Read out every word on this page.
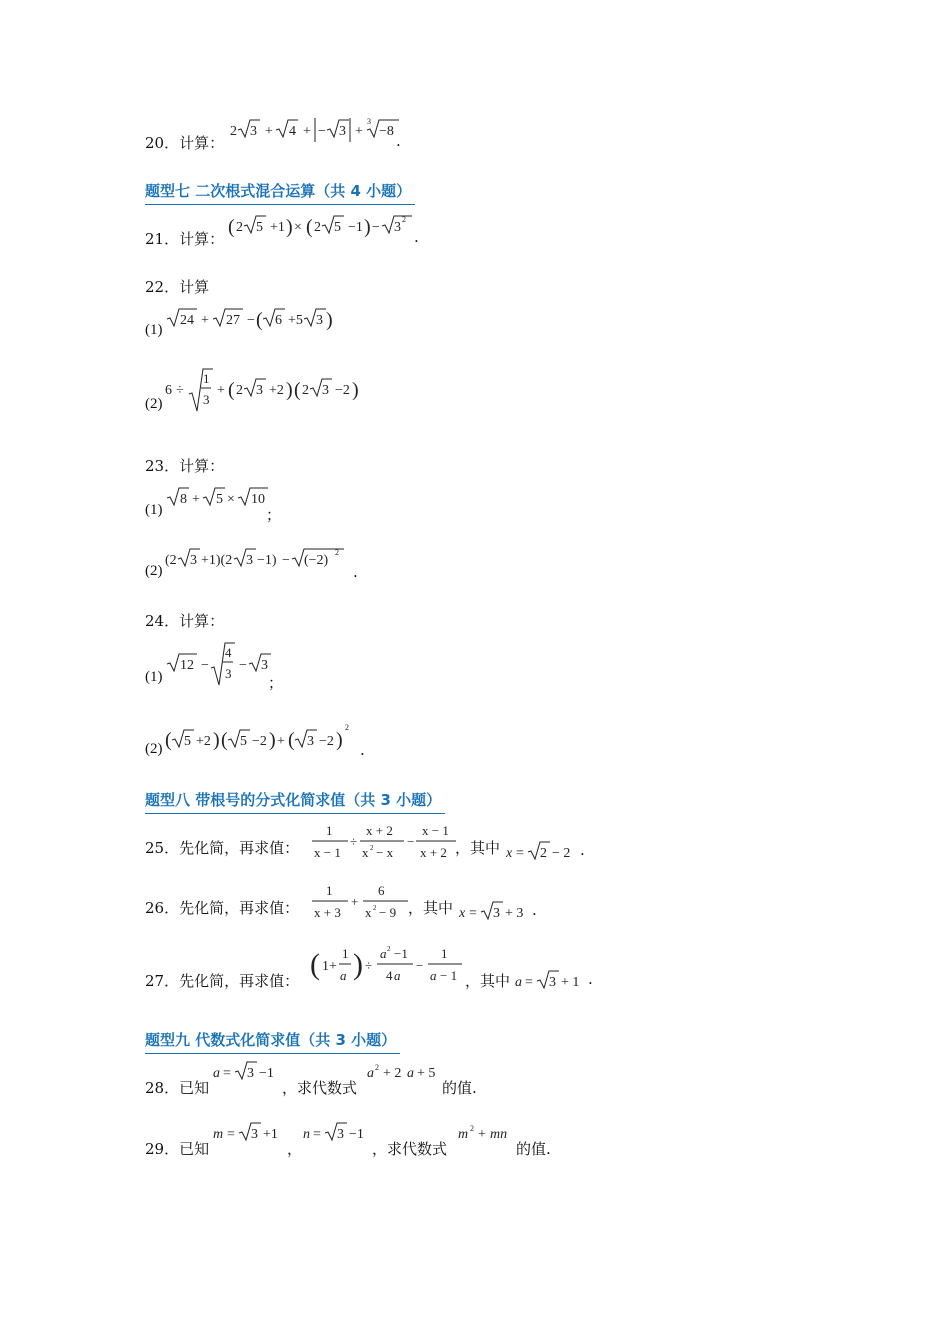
20．计算：
2 3 + 4 + − 3 +
3
−8
.
题型七 二次根式混合运算（共 4 小题）
21．计算：
( 2 5 +1 ) × ( 2 5 −1 ) − 3
2
.
22．计算
(1)
24 + 27 − ( 6 +5 3 )
(2)
6 ÷
1
3
+ ( 2 3 +2 ) ( 2 3 −2 )
23．计算：
(1)
8 + 5 × 10
；
(2)
(2 3 +1)(2 3 −1) − (−2)
2
.
24．计算：
(1)
12 −
4
3
− 3
；
(2) ( 5 +2 ) ( 5 −2 ) + ( 3 −2 )
2
.
题型八 带根号的分式化简求值（共 3 小题）
25．先化简，再求值：
1
x − 1
÷
x + 2
x 2 − x
−
x − 1
x + 2 ，其中 x = 2 − 2 .
26．先化简，再求值：
1
x + 3
+
6
x 2 − 9 ，其中 x = 3 + 3 .
27．先化简，再求值： ( 1+
1
a ) ÷
a 2 −1
4 a
−
1
a − 1 ，其中 a = 3 + 1 .
题型九 代数式化简求值（共 3 小题）
28．已知
a = 3 −1
，求代数式
a 2 + 2 a + 5
的值.
29．已知
m = 3 +1
，
n = 3 −1
，求代数式
m 2 + mn
的值.
